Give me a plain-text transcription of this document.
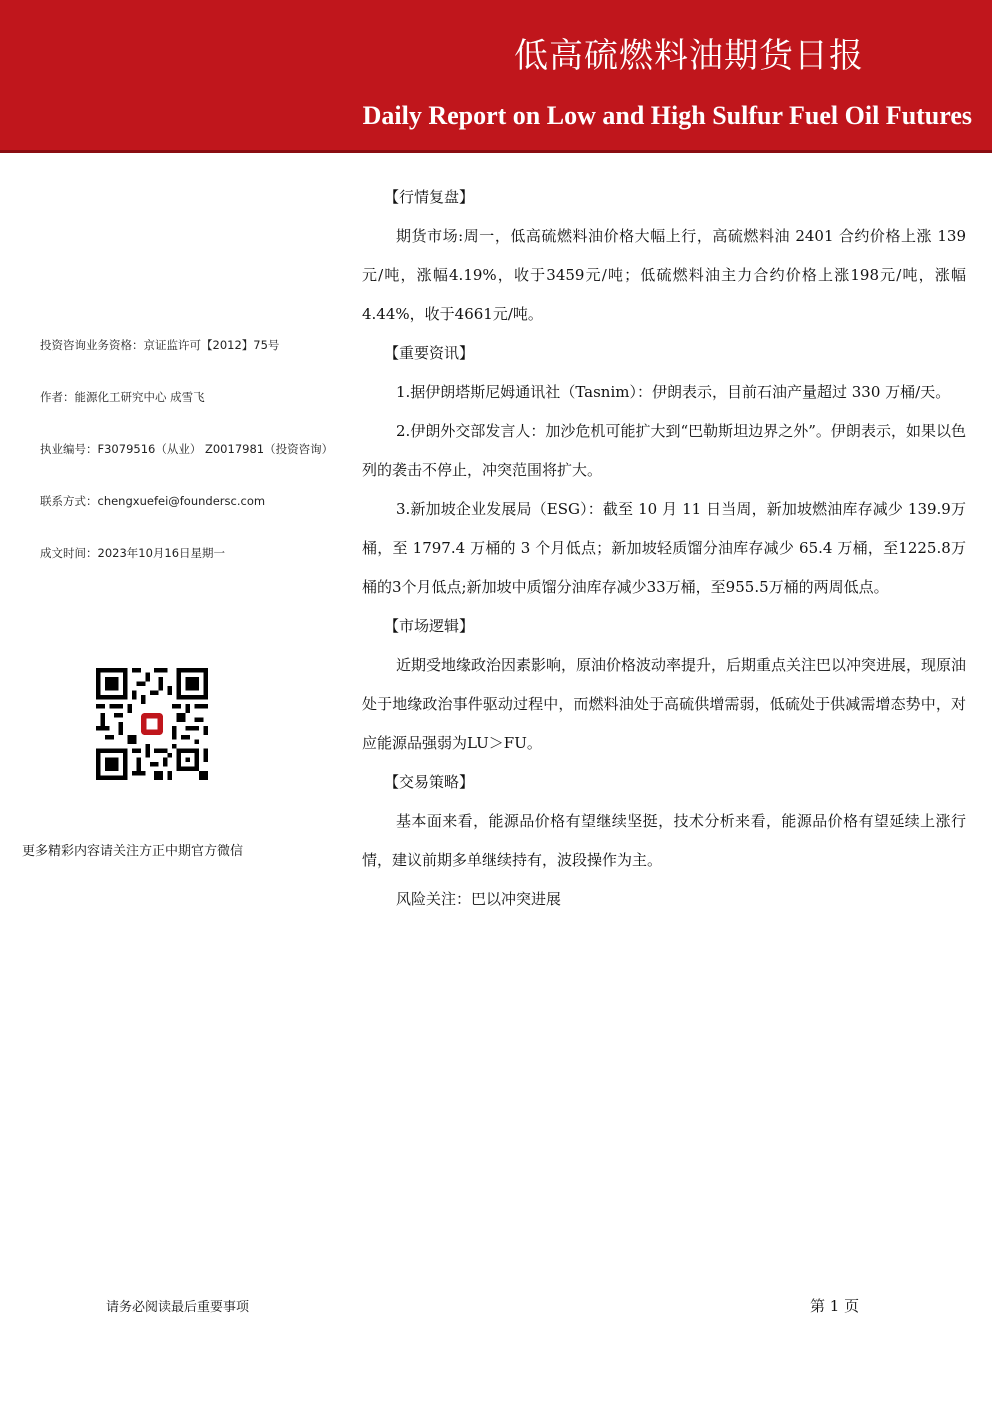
低高硫燃料油期货日报
Daily Report on Low and High Sulfur Fuel Oil Futures
投资咨询业务资格：京证监许可【2012】75号
作者：能源化工研究中心 成雪飞
执业编号：F3079516（从业） Z0017981（投资咨询）
联系方式：chengxuefei@foundersc.com
成文时间：2023年10月16日星期一
更多精彩内容请关注方正中期官方微信

【行情复盘】

期货市场:周一，低高硫燃料油价格大幅上行，高硫燃料油 2401 合约价格上涨 139元/吨，涨幅4.19%，收于3459元/吨；低硫燃料油主力合约价格上涨198元/吨，涨幅4.44%，收于4661元/吨。

【重要资讯】

1.据伊朗塔斯尼姆通讯社（Tasnim）：伊朗表示，目前石油产量超过 330 万桶/天。

2.伊朗外交部发言人：加沙危机可能扩大到“巴勒斯坦边界之外”。伊朗表示，如果以色列的袭击不停止，冲突范围将扩大。

3.新加坡企业发展局（ESG）：截至 10 月 11 日当周，新加坡燃油库存减少 139.9万桶，至 1797.4 万桶的 3 个月低点；新加坡轻质馏分油库存减少 65.4 万桶，至1225.8万桶的3个月低点;新加坡中质馏分油库存减少33万桶，至955.5万桶的两周低点。

【市场逻辑】

近期受地缘政治因素影响，原油价格波动率提升，后期重点关注巴以冲突进展，现原油处于地缘政治事件驱动过程中，而燃料油处于高硫供增需弱，低硫处于供减需增态势中，对应能源品强弱为LU＞FU。

【交易策略】

基本面来看，能源品价格有望继续坚挺，技术分析来看，能源品价格有望延续上涨行情，建议前期多单继续持有，波段操作为主。

风险关注：巴以冲突进展

请务必阅读最后重要事项	第 1 页
